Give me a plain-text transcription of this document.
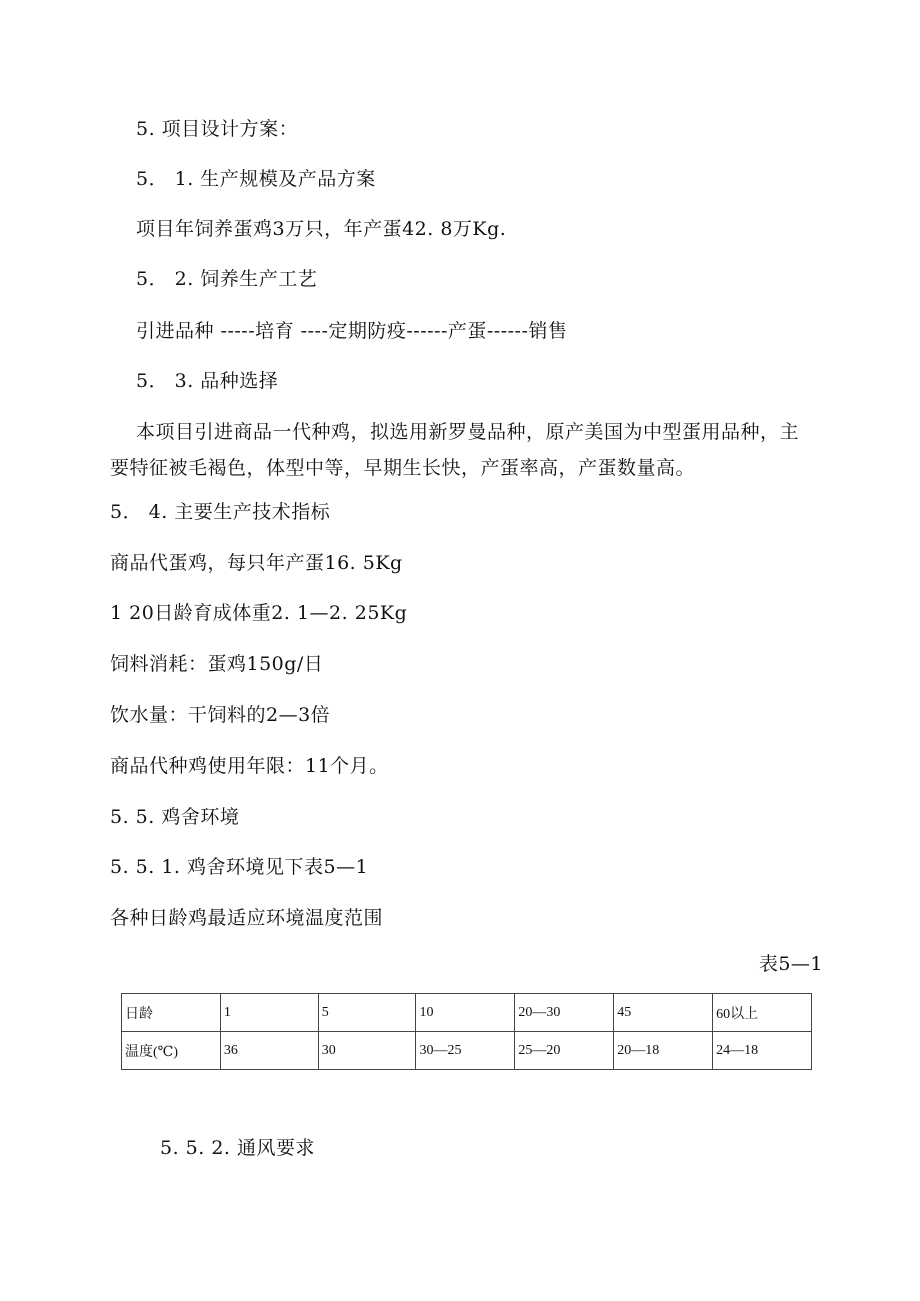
5. 项目设计方案：
5． 1. 生产规模及产品方案
项目年饲养蛋鸡3万只，年产蛋42. 8万Kg.
5． 2. 饲养生产工艺
引进品种 -----培育 ----定期防疫------产蛋------销售
5． 3. 品种选择
本项目引进商品一代种鸡，拟选用新罗曼品种，原产美国为中型蛋用品种，主
要特征被毛褐色，体型中等，早期生长快，产蛋率高，产蛋数量高。
5． 4. 主要生产技术指标
商品代蛋鸡，每只年产蛋16. 5Kg
1 20日龄育成体重2. 1—2. 25Kg
饲料消耗：蛋鸡150g/日
饮水量：干饲料的2—3倍
商品代种鸡使用年限：11个月。
5. 5. 鸡舍环境
5. 5. 1. 鸡舍环境见下表5—1
各种日龄鸡最适应环境温度范围
表5—1
日龄	1	5	10	20—30	45	60以上
温度(℃)	36	30	30—25	25—20	20—18	24—18
5. 5. 2. 通风要求
